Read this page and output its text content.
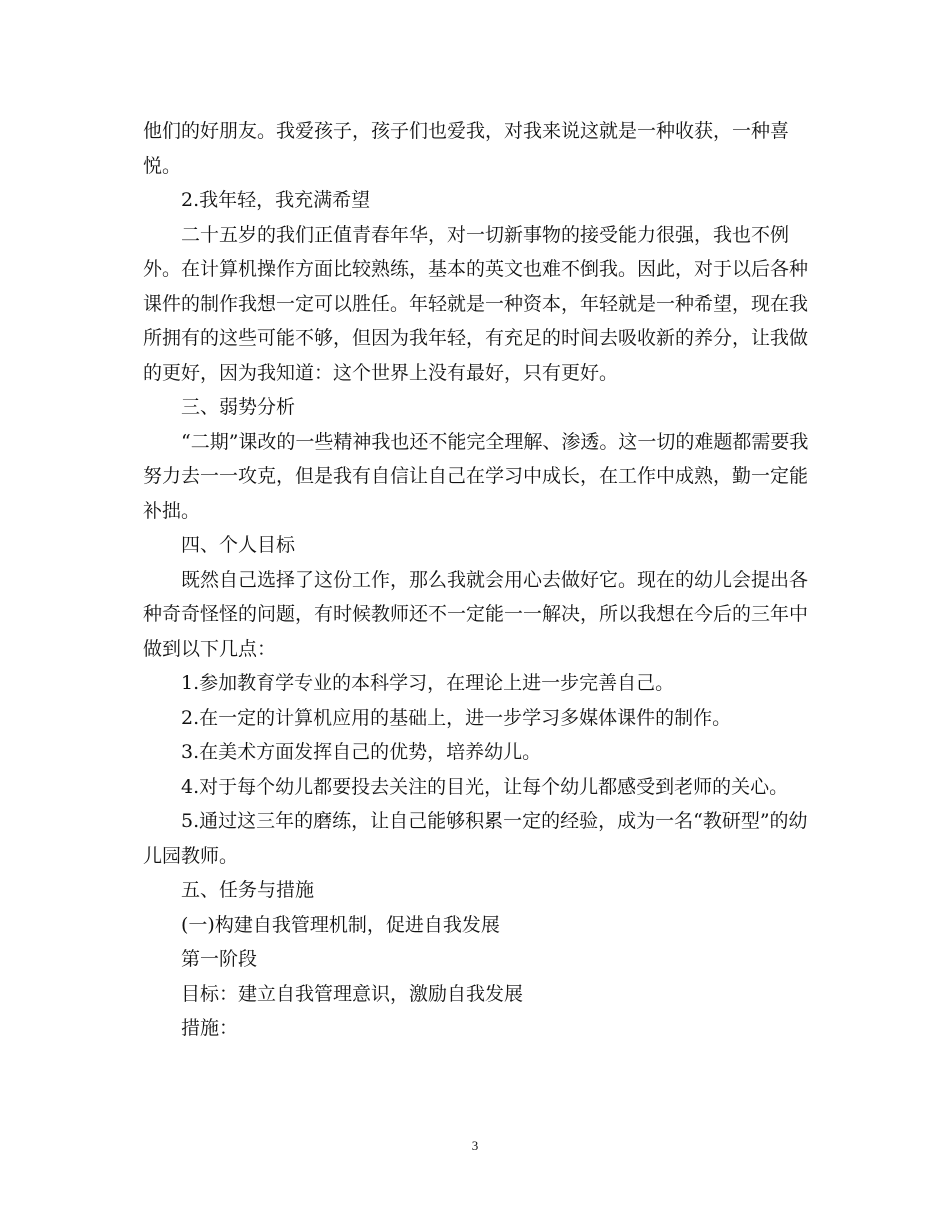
他们的好朋友。我爱孩子，孩子们也爱我，对我来说这就是一种收获，一种喜

悦。

2.我年轻，我充满希望

二十五岁的我们正值青春年华，对一切新事物的接受能力很强，我也不例

外。在计算机操作方面比较熟练，基本的英文也难不倒我。因此，对于以后各种

课件的制作我想一定可以胜任。年轻就是一种资本，年轻就是一种希望，现在我

所拥有的这些可能不够，但因为我年轻，有充足的时间去吸收新的养分，让我做

的更好，因为我知道：这个世界上没有最好，只有更好。

三、弱势分析

“二期”课改的一些精神我也还不能完全理解、渗透。这一切的难题都需要我

努力去一一攻克，但是我有自信让自己在学习中成长，在工作中成熟，勤一定能

补拙。

四、个人目标

既然自己选择了这份工作，那么我就会用心去做好它。现在的幼儿会提出各

种奇奇怪怪的问题，有时候教师还不一定能一一解决，所以我想在今后的三年中

做到以下几点：

1.参加教育学专业的本科学习，在理论上进一步完善自己。

2.在一定的计算机应用的基础上，进一步学习多媒体课件的制作。

3.在美术方面发挥自己的优势，培养幼儿。

4.对于每个幼儿都要投去关注的目光，让每个幼儿都感受到老师的关心。

5.通过这三年的磨练，让自己能够积累一定的经验，成为一名“教研型”的幼

儿园教师。

五、任务与措施

(一)构建自我管理机制，促进自我发展

第一阶段

目标：建立自我管理意识，激励自我发展

措施：

3
